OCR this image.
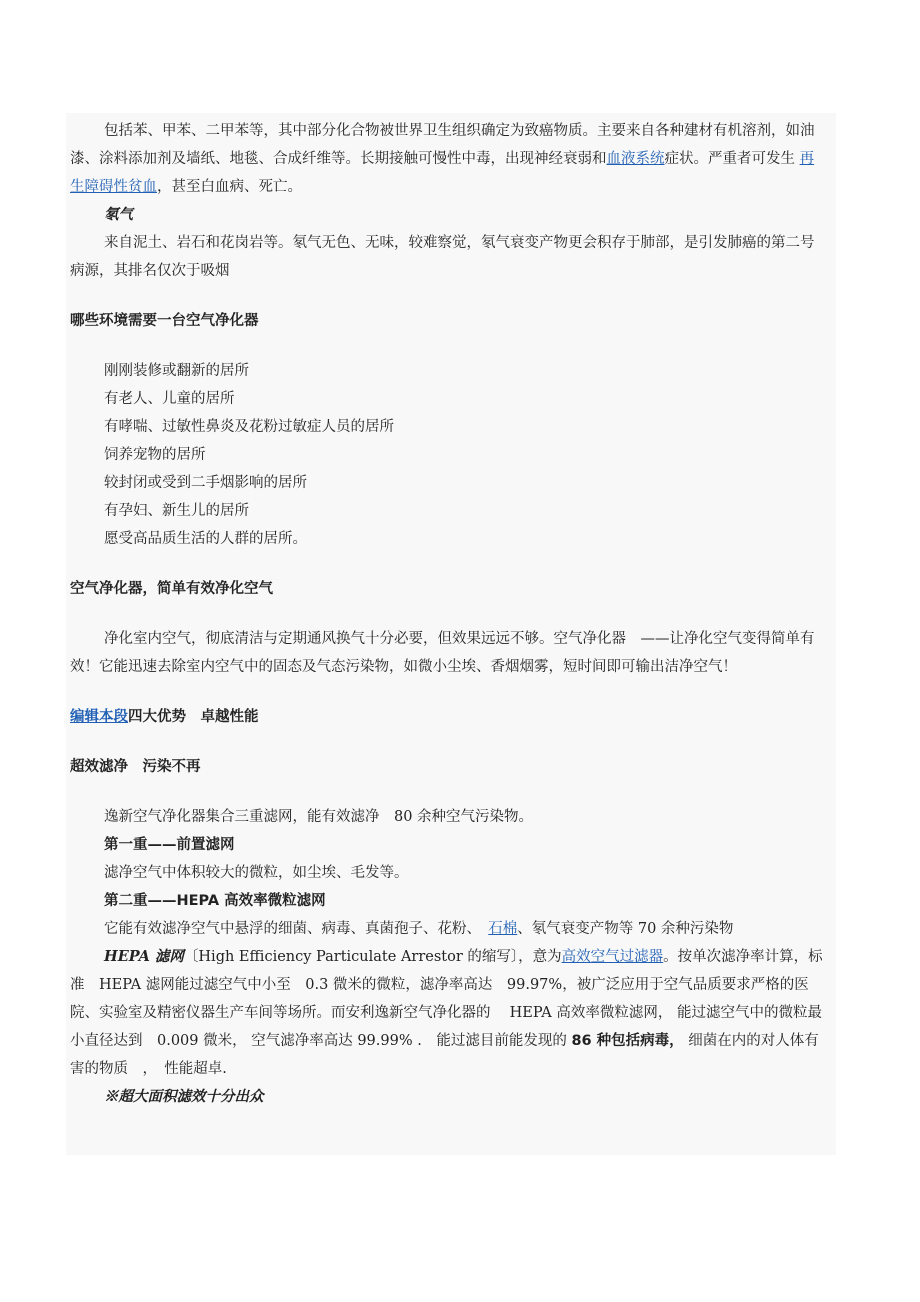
包括苯、甲苯、二甲苯等，其中部分化合物被世界卫生组织确定为致癌物质。主要来自各种建材有机溶剂，如油漆、涂料添加剂及墙纸、地毯、合成纤维等。长期接触可慢性中毒，出现神经衰弱和血液系统症状。严重者可发生 再生障碍性贫血，甚至白血病、死亡。

氡气

来自泥土、岩石和花岗岩等。氡气无色、无味，较难察觉，氡气衰变产物更会积存于肺部，是引发肺癌的第二号病源，其排名仅次于吸烟

哪些环境需要一台空气净化器

刚刚装修或翻新的居所

有老人、儿童的居所

有哮喘、过敏性鼻炎及花粉过敏症人员的居所

饲养宠物的居所

较封闭或受到二手烟影响的居所

有孕妇、新生儿的居所

愿受高品质生活的人群的居所。

空气净化器，简单有效净化空气

净化室内空气，彻底清洁与定期通风换气十分必要，但效果远远不够。空气净化器　——让净化空气变得简单有效！它能迅速去除室内空气中的固态及气态污染物，如微小尘埃、香烟烟雾，短时间即可输出洁净空气！

编辑本段四大优势　卓越性能

超效滤净　污染不再

逸新空气净化器集合三重滤网，能有效滤净　80 余种空气污染物。

第一重——前置滤网

滤净空气中体积较大的微粒，如尘埃、毛发等。

第二重——HEPA 高效率微粒滤网

它能有效滤净空气中悬浮的细菌、病毒、真菌孢子、花粉、　石棉、氡气衰变产物等 70 余种污染物

HEPA 滤网〔High Efficiency Particulate Arrestor 的缩写〕，意为高效空气过滤器。按单次滤净率计算，标准　HEPA 滤网能过滤空气中小至　0.3 微米的微粒，滤净率高达　99.97%，被广泛应用于空气品质要求严格的医院、实验室及精密仪器生产车间等场所。而安利逸新空气净化器的　 HEPA 高效率微粒滤网， 能过滤空气中的微粒最小直径达到　0.009 微米， 空气滤净率高达 99.99% .　能过滤目前能发现的 86 种包括病毒， 细菌在内的对人体有害的物质　，　性能超卓.

※超大面积滤效十分出众
